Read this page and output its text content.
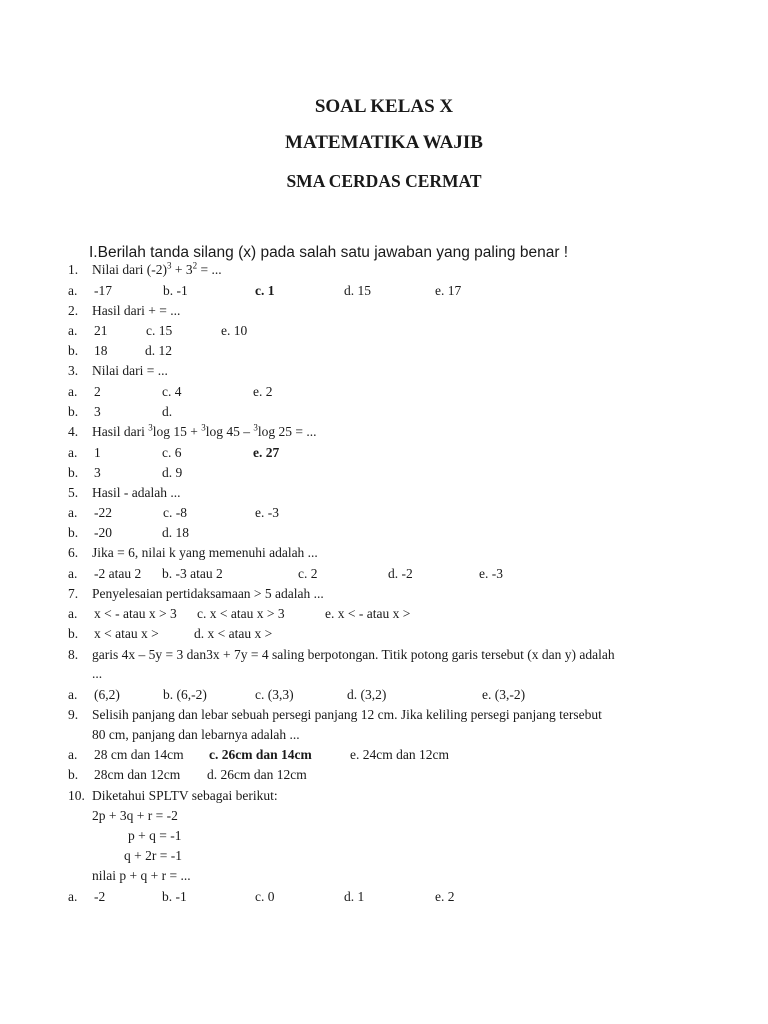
SOAL KELAS X
MATEMATIKA WAJIB
SMA CERDAS CERMAT
I.Berilah tanda silang (x) pada salah satu jawaban yang paling benar !
1. Nilai dari $(-2)^3 + 3^2$ = ...
a. -17	b. -1	c. 1	d. 15	e. 17
2. Hasil dari + = ...
a. 21	c. 15	e. 10
b. 18	d. 12
3. Nilai dari = ...
a. 2	c. 4	e. 2
b. 3	d.
4. Hasil dari $^3$log 15 + $^3$log 45 – $^3$log 25 = ...
a. 1	c. 6	e. 27
b. 3	d. 9
5. Hasil - adalah ...
a. -22	c. -8	e. -3
b. -20	d. 18
6. Jika = 6, nilai k yang memenuhi adalah ...
a. -2 atau 2 b. -3 atau 2	c. 2	d. -2	e. -3
7. Penyelesaian pertidaksamaan > 5 adalah ...
a. x < - atau x > 3 c. x < atau x > 3	e. x < - atau x >
b. x < atau x >	d. x < atau x >
8. garis 4x – 5y = 3 dan3x + 7y = 4 saling berpotongan. Titik potong garis tersebut (x dan y) adalah
...
a. (6,2)	b. (6,-2)	c. (3,3)	d. (3,2)	e. (3,-2)
9. Selisih panjang dan lebar sebuah persegi panjang 12 cm. Jika keliling persegi panjang tersebut
80 cm, panjang dan lebarnya adalah ...
a. 28 cm dan 14cm c. 26cm dan 14cm	e. 24cm dan 12cm
b. 28cm dan 12cm d. 26cm dan 12cm
10. Diketahui SPLTV sebagai berikut:
2p + 3q + r = -2
p + q = -1
q + 2r = -1
nilai p + q + r = ...
a. -2	b. -1	c. 0	d. 1	e. 2
